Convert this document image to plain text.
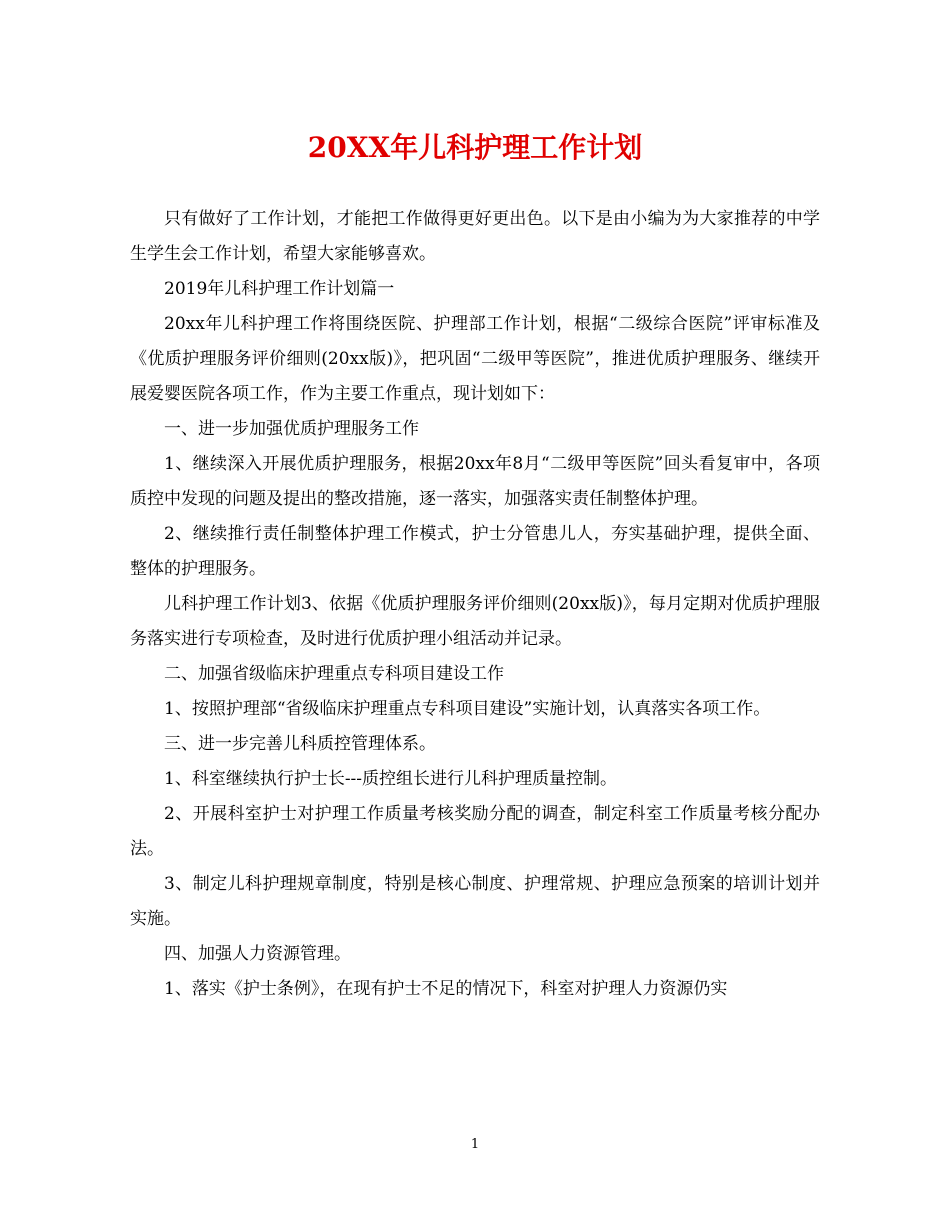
20XX年儿科护理工作计划

只有做好了工作计划，才能把工作做得更好更出色。以下是由小编为为大家推荐的中学生学生会工作计划，希望大家能够喜欢。

2019年儿科护理工作计划篇一

20xx年儿科护理工作将围绕医院、护理部工作计划，根据“二级综合医院”评审标准及《优质护理服务评价细则(20xx版)》，把巩固“二级甲等医院”，推进优质护理服务、继续开展爱婴医院各项工作，作为主要工作重点，现计划如下：

一、进一步加强优质护理服务工作

1、继续深入开展优质护理服务，根据20xx年8月“二级甲等医院”回头看复审中，各项质控中发现的问题及提出的整改措施，逐一落实，加强落实责任制整体护理。

2、继续推行责任制整体护理工作模式，护士分管患儿人，夯实基础护理，提供全面、整体的护理服务。

儿科护理工作计划3、依据《优质护理服务评价细则(20xx版)》，每月定期对优质护理服务落实进行专项检查，及时进行优质护理小组活动并记录。

二、加强省级临床护理重点专科项目建设工作

1、按照护理部“省级临床护理重点专科项目建设”实施计划，认真落实各项工作。

三、进一步完善儿科质控管理体系。

1、科室继续执行护士长---质控组长进行儿科护理质量控制。

2、开展科室护士对护理工作质量考核奖励分配的调查，制定科室工作质量考核分配办法。

3、制定儿科护理规章制度，特别是核心制度、护理常规、护理应急预案的培训计划并实施。

四、加强人力资源管理。

1、落实《护士条例》，在现有护士不足的情况下，科室对护理人力资源仍实

1
